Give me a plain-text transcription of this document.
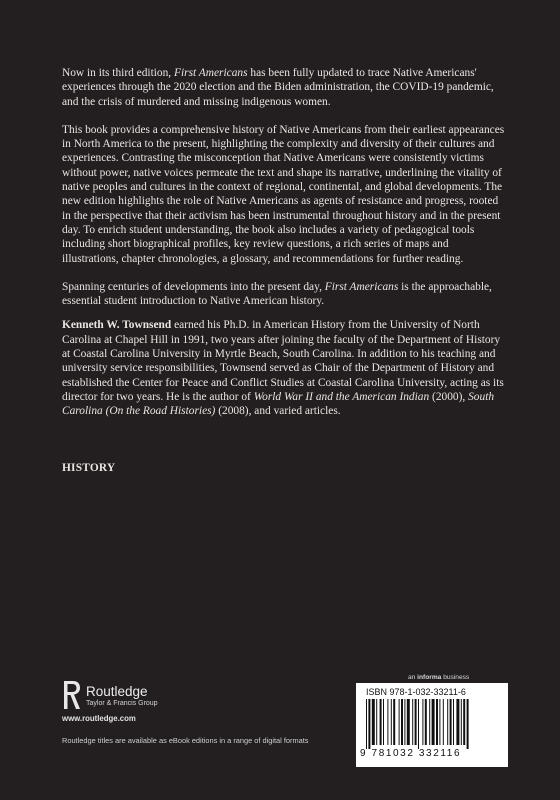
Now in its third edition, First Americans has been fully updated to trace Native Americans' experiences through the 2020 election and the Biden administration, the COVID-19 pandemic, and the crisis of murdered and missing indigenous women.

This book provides a comprehensive history of Native Americans from their earliest appearances in North America to the present, highlighting the complexity and diversity of their cultures and experiences. Contrasting the misconception that Native Americans were consistently victims without power, native voices permeate the text and shape its narrative, underlining the vitality of native peoples and cultures in the context of regional, continental, and global developments. The new edition highlights the role of Native Americans as agents of resistance and progress, rooted in the perspective that their activism has been instrumental throughout history and in the present day. To enrich student understanding, the book also includes a variety of pedagogical tools including short biographical profiles, key review questions, a rich series of maps and illustrations, chapter chronologies, a glossary, and recommendations for further reading.

Spanning centuries of developments into the present day, First Americans is the approachable, essential student introduction to Native American history.

Kenneth W. Townsend earned his Ph.D. in American History from the University of North Carolina at Chapel Hill in 1991, two years after joining the faculty of the Department of History at Coastal Carolina University in Myrtle Beach, South Carolina. In addition to his teaching and university service responsibilities, Townsend served as Chair of the Department of History and established the Center for Peace and Conflict Studies at Coastal Carolina University, acting as its director for two years. He is the author of World War II and the American Indian (2000), South Carolina (On the Road Histories) (2008), and varied articles.

HISTORY
Routledge
Taylor & Francis Group
www.routledge.com
Routledge titles are available as eBook editions in a range of digital formats
an informa business
ISBN 978-1-032-33211-6
9 781032 332116
